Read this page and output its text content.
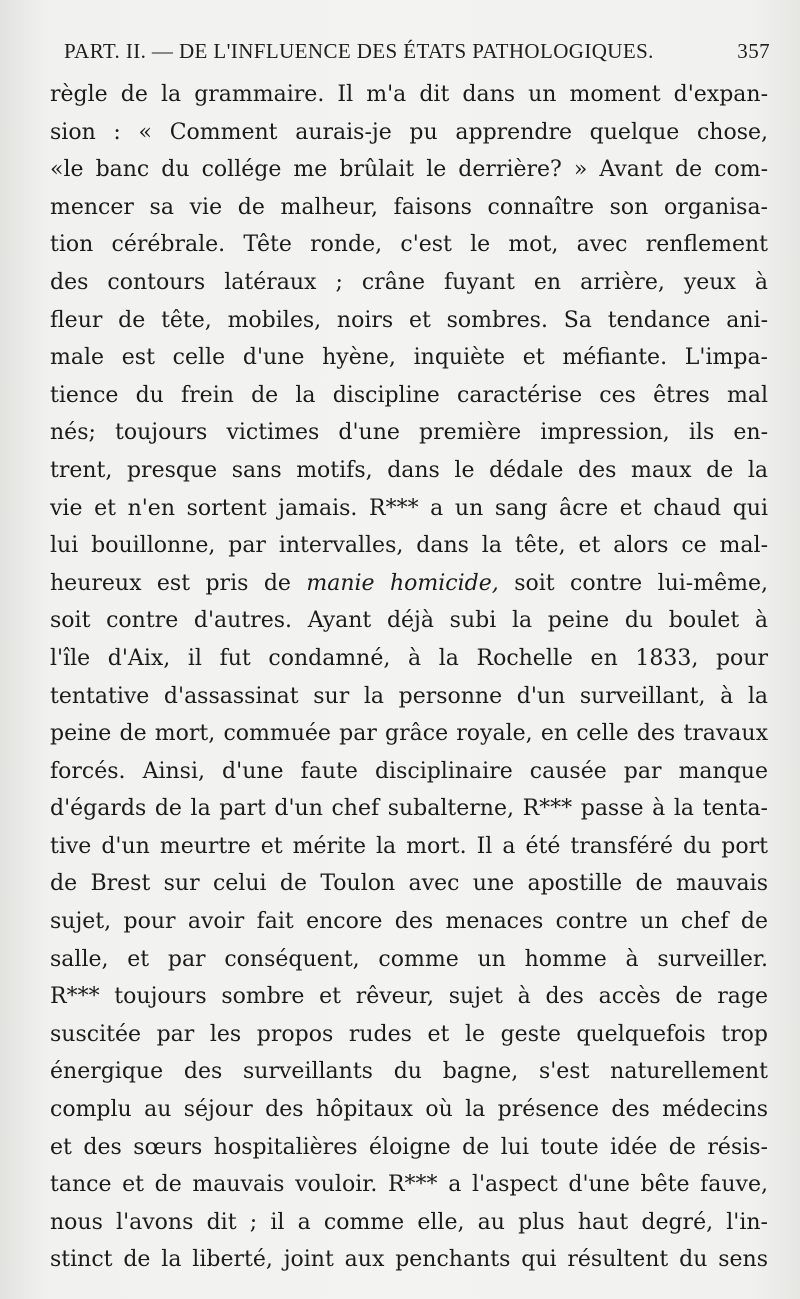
PART. II. — DE L'INFLUENCE DES ÉTATS PATHOLOGIQUES.	357
règle de la grammaire. Il m'a dit dans un moment d'expan-
sion : « Comment aurais-je pu apprendre quelque chose,
«le banc du collége me brûlait le derrière? » Avant de com-
mencer sa vie de malheur, faisons connaître son organisa-
tion cérébrale. Tête ronde, c'est le mot, avec renflement
des contours latéraux ; crâne fuyant en arrière, yeux à
fleur de tête, mobiles, noirs et sombres. Sa tendance ani-
male est celle d'une hyène, inquiète et méfiante. L'impa-
tience du frein de la discipline caractérise ces êtres mal
nés; toujours victimes d'une première impression, ils en-
trent, presque sans motifs, dans le dédale des maux de la
vie et n'en sortent jamais. R*** a un sang âcre et chaud qui
lui bouillonne, par intervalles, dans la tête, et alors ce mal-
heureux est pris de manie homicide, soit contre lui-même,
soit contre d'autres. Ayant déjà subi la peine du boulet à
l'île d'Aix, il fut condamné, à la Rochelle en 1833, pour
tentative d'assassinat sur la personne d'un surveillant, à la
peine de mort, commuée par grâce royale, en celle des travaux
forcés. Ainsi, d'une faute disciplinaire causée par manque
d'égards de la part d'un chef subalterne, R*** passe à la tenta-
tive d'un meurtre et mérite la mort. Il a été transféré du port
de Brest sur celui de Toulon avec une apostille de mauvais
sujet, pour avoir fait encore des menaces contre un chef de
salle, et par conséquent, comme un homme à surveiller.
R*** toujours sombre et rêveur, sujet à des accès de rage
suscitée par les propos rudes et le geste quelquefois trop
énergique des surveillants du bagne, s'est naturellement
complu au séjour des hôpitaux où la présence des médecins
et des sœurs hospitalières éloigne de lui toute idée de résis-
tance et de mauvais vouloir. R*** a l'aspect d'une bête fauve,
nous l'avons dit ; il a comme elle, au plus haut degré, l'in-
stinct de la liberté, joint aux penchants qui résultent du sens
